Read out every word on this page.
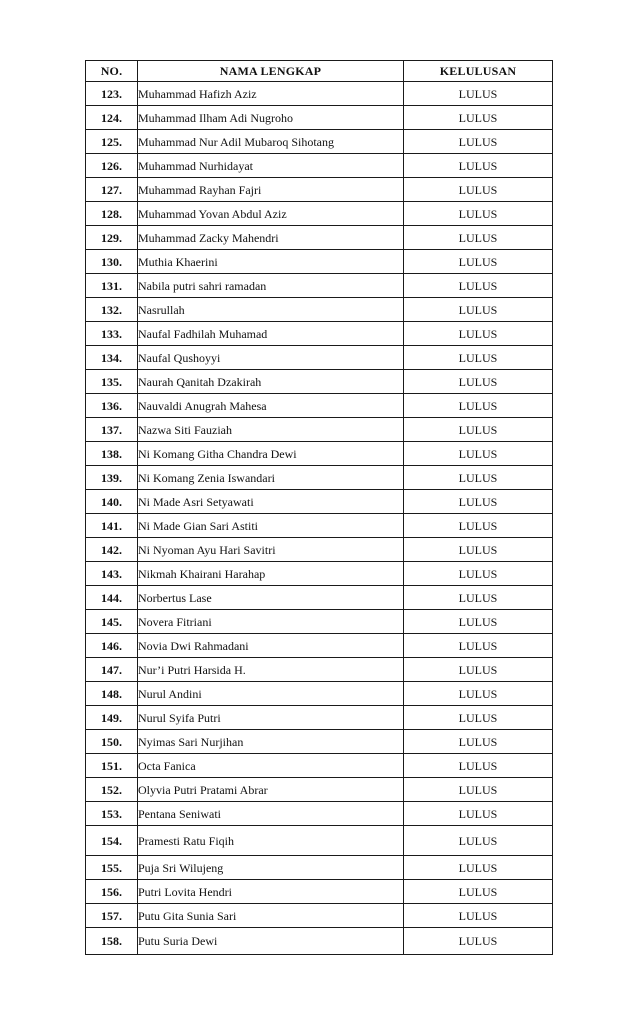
NO.	NAMA LENGKAP	KELULUSAN
123.	Muhammad Hafizh Aziz	LULUS
124.	Muhammad Ilham Adi Nugroho	LULUS
125.	Muhammad Nur Adil Mubaroq Sihotang	LULUS
126.	Muhammad Nurhidayat	LULUS
127.	Muhammad Rayhan Fajri	LULUS
128.	Muhammad Yovan Abdul Aziz	LULUS
129.	Muhammad Zacky Mahendri	LULUS
130.	Muthia Khaerini	LULUS
131.	Nabila putri sahri ramadan	LULUS
132.	Nasrullah	LULUS
133.	Naufal Fadhilah Muhamad	LULUS
134.	Naufal Qushoyyi	LULUS
135.	Naurah Qanitah Dzakirah	LULUS
136.	Nauvaldi Anugrah Mahesa	LULUS
137.	Nazwa Siti Fauziah	LULUS
138.	Ni Komang Githa Chandra Dewi	LULUS
139.	Ni Komang Zenia Iswandari	LULUS
140.	Ni Made Asri Setyawati	LULUS
141.	Ni Made Gian Sari Astiti	LULUS
142.	Ni Nyoman Ayu Hari Savitri	LULUS
143.	Nikmah Khairani Harahap	LULUS
144.	Norbertus Lase	LULUS
145.	Novera Fitriani	LULUS
146.	Novia Dwi Rahmadani	LULUS
147.	Nur’i Putri Harsida H.	LULUS
148.	Nurul Andini	LULUS
149.	Nurul Syifa Putri	LULUS
150.	Nyimas Sari Nurjihan	LULUS
151.	Octa Fanica	LULUS
152.	Olyvia Putri Pratami Abrar	LULUS
153.	Pentana Seniwati	LULUS
154.	Pramesti Ratu Fiqih	LULUS
155.	Puja Sri Wilujeng	LULUS
156.	Putri Lovita Hendri	LULUS
157.	Putu Gita Sunia Sari	LULUS
158.	Putu Suria Dewi	LULUS
